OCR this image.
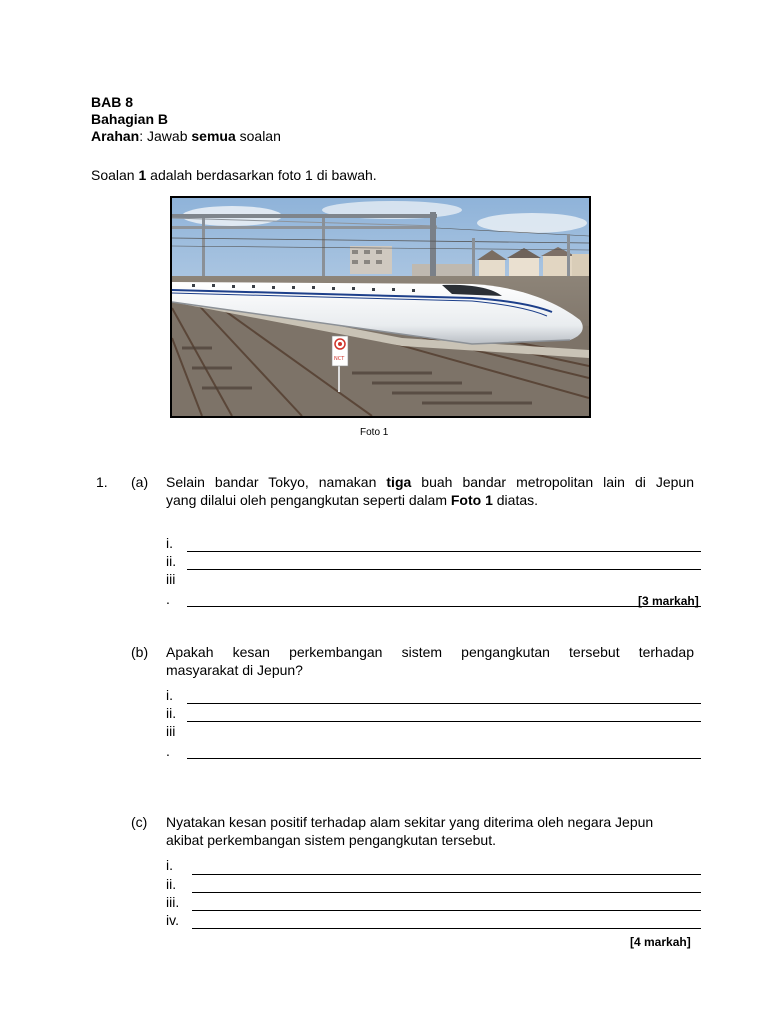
BAB 8
Bahagian B
Arahan: Jawab semua soalan
Soalan 1 adalah berdasarkan foto 1 di bawah.
NCT
Foto 1
1. (a) Selain bandar Tokyo, namakan tiga buah bandar metropolitan lain di Jepun
yang dilalui oleh pengangkutan seperti dalam Foto 1 diatas.
i.
ii.
iii
.	[3 markah]
(b) Apakah kesan perkembangan sistem pengangkutan tersebut terhadap
masyarakat di Jepun?
i.
ii.
iii
.
(c) Nyatakan kesan positif terhadap alam sekitar yang diterima oleh negara Jepun
akibat perkembangan sistem pengangkutan tersebut.
i.
ii.
iii.
iv.
[4 markah]
